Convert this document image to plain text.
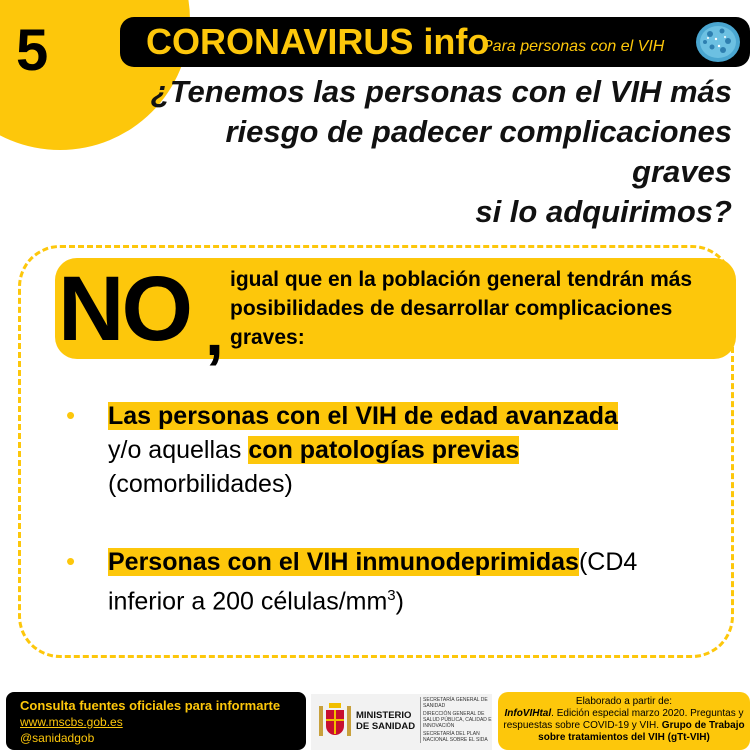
5	CORONAVIRUS info
Para personas con el VIH
¿Tenemos las personas con el VIH más
riesgo de padecer complicaciones graves
si lo adquirimos?
NO ,
igual que en la población general tendrán más posibilidades de desarrollar complicaciones graves:
• Las personas con el VIH de edad avanzada
y/o aquellas con patologías previas
(comorbilidades)
• Personas con el VIH inmunodeprimidas(CD4 inferior a 200 células/$mm^3$)
Consulta fuentes oficiales para informarte
www.mscbs.gob.es
@sanidadgob
MINISTERIO
DE SANIDAD
SECRETARÍA GENERAL DE SANIDAD
DIRECCIÓN GENERAL DE SALUD PÚBLICA, CALIDAD E INNOVACIÓN
SECRETARÍA DEL PLAN NACIONAL SOBRE EL SIDA
Elaborado a partir de:
InfoVIHtal. Edición especial marzo 2020. Preguntas y respuestas sobre COVID-19 y VIH. Grupo de Trabajo sobre tratamientos del VIH (gTt-VIH)
